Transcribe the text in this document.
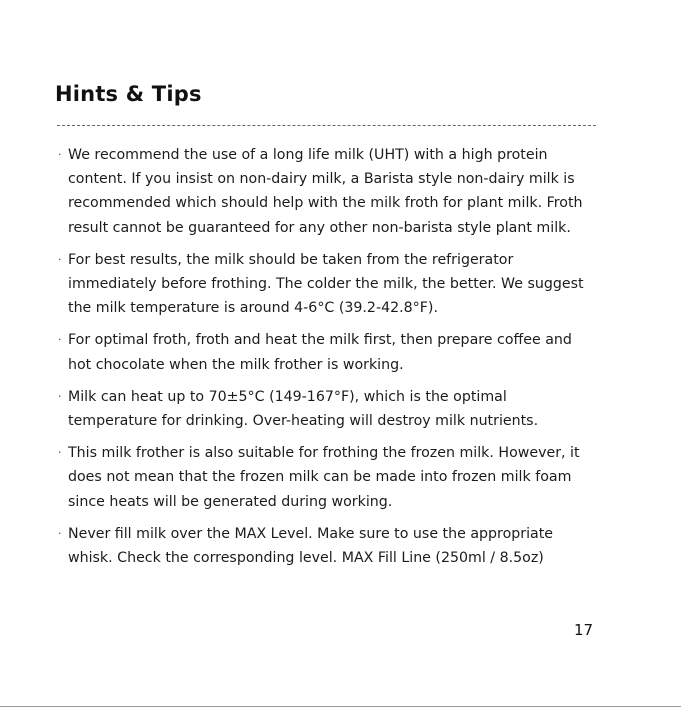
Hints & Tips
· We recommend the use of a long life milk (UHT) with a high protein content. If you insist on non-dairy milk, a Barista style non-dairy milk is recommended which should help with the milk froth for plant milk. Froth result cannot be guaranteed for any other non-barista style plant milk.
· For best results, the milk should be taken from the refrigerator immediately before frothing. The colder the milk, the better. We suggest the milk temperature is around 4-6°C (39.2-42.8°F).
· For optimal froth, froth and heat the milk first, then prepare coffee and hot chocolate when the milk frother is working.
· Milk can heat up to 70±5°C (149-167°F), which is the optimal temperature for drinking. Over-heating will destroy milk nutrients.
· This milk frother is also suitable for frothing the frozen milk. However, it does not mean that the frozen milk can be made into frozen milk foam since heats will be generated during working.
· Never fill milk over the MAX Level. Make sure to use the appropriate whisk. Check the corresponding level. MAX Fill Line (250ml / 8.5oz)
17
